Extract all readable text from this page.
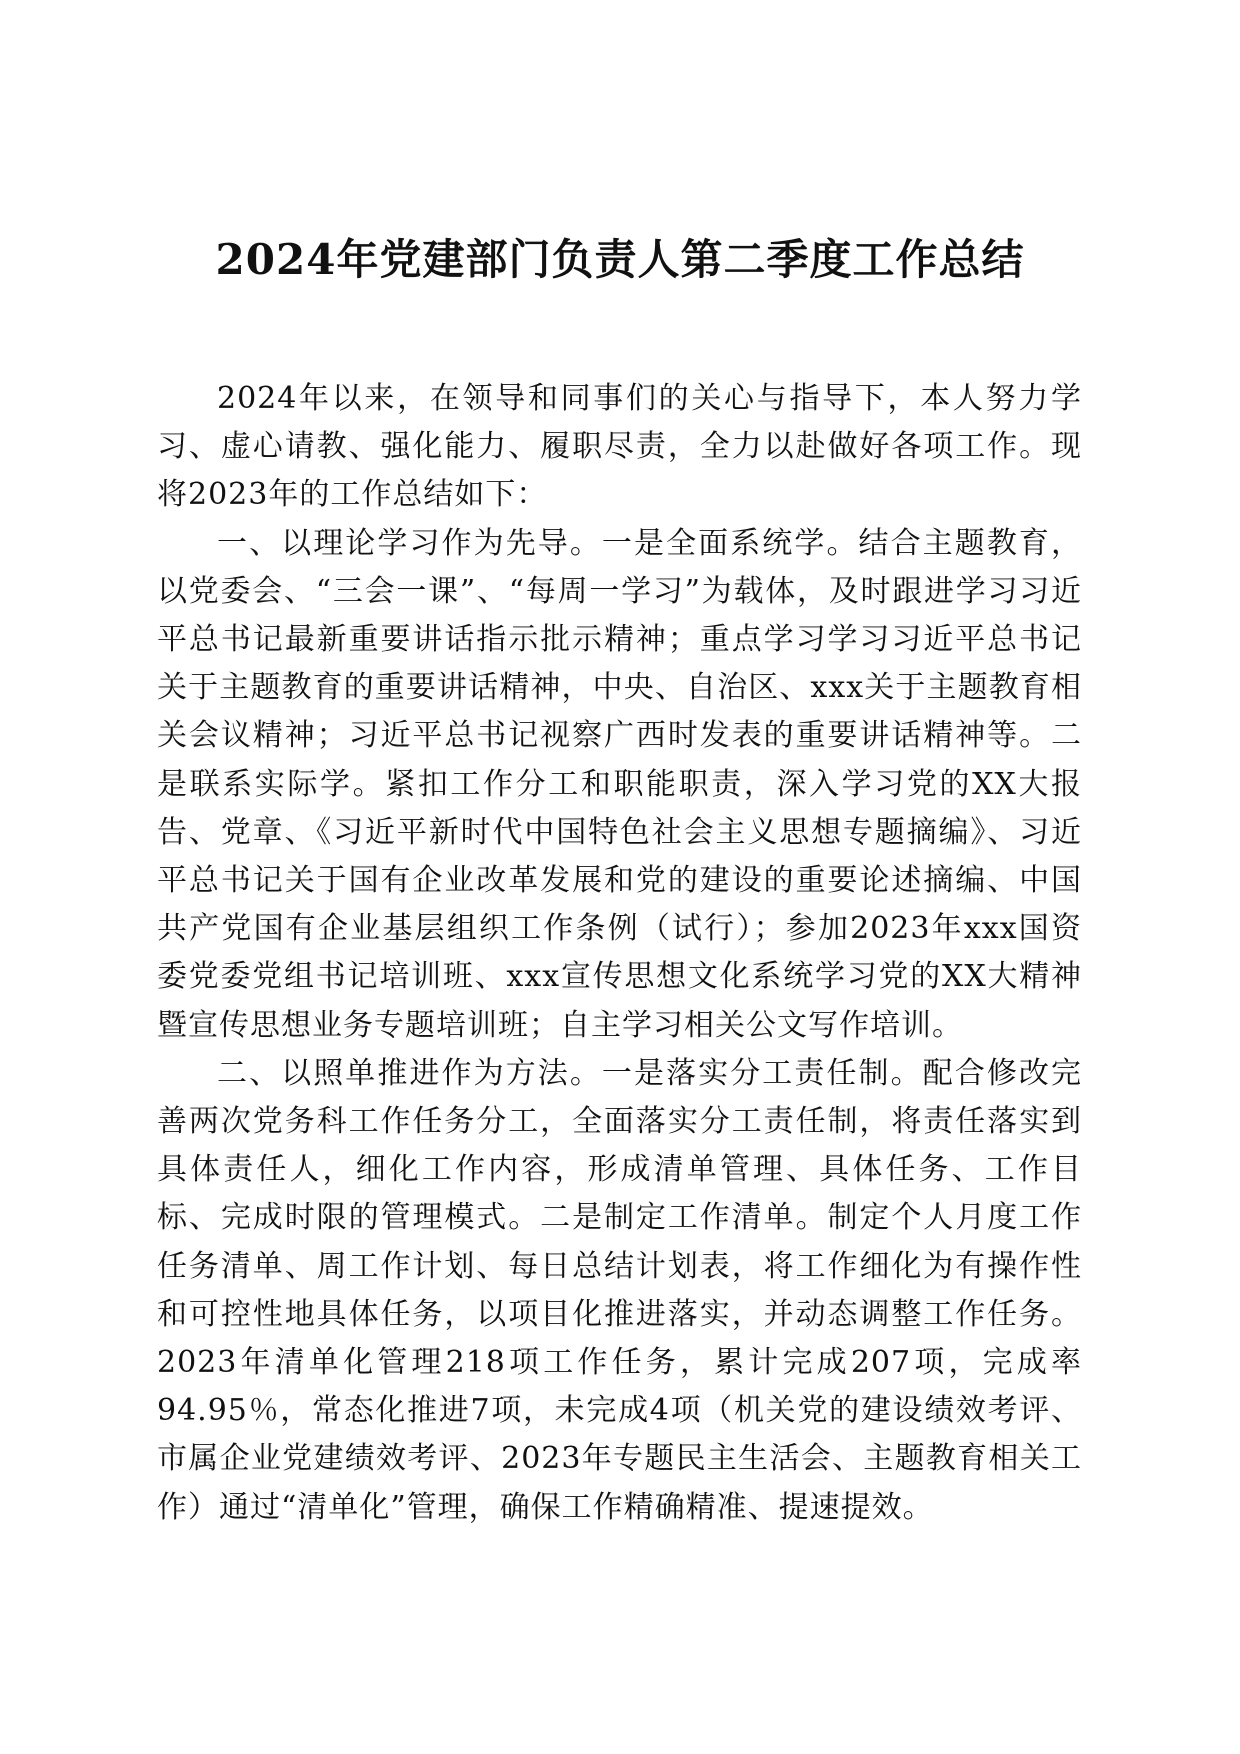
2024年党建部门负责人第二季度工作总结

2024年以来，在领导和同事们的关心与指导下，本人努力学习、虚心请教、强化能力、履职尽责，全力以赴做好各项工作。现将2023年的工作总结如下：

一、以理论学习作为先导。一是全面系统学。结合主题教育，以党委会、“三会一课”、“每周一学习”为载体，及时跟进学习习近平总书记最新重要讲话指示批示精神；重点学习学习习近平总书记关于主题教育的重要讲话精神，中央、自治区、xxx关于主题教育相关会议精神；习近平总书记视察广西时发表的重要讲话精神等。二是联系实际学。紧扣工作分工和职能职责，深入学习党的XX大报告、党章、《习近平新时代中国特色社会主义思想专题摘编》、习近平总书记关于国有企业改革发展和党的建设的重要论述摘编、中国共产党国有企业基层组织工作条例（试行）；参加2023年xxx国资委党委党组书记培训班、xxx宣传思想文化系统学习党的XX大精神暨宣传思想业务专题培训班；自主学习相关公文写作培训。

二、以照单推进作为方法。一是落实分工责任制。配合修改完善两次党务科工作任务分工，全面落实分工责任制，将责任落实到具体责任人，细化工作内容，形成清单管理、具体任务、工作目标、完成时限的管理模式。二是制定工作清单。制定个人月度工作任务清单、周工作计划、每日总结计划表，将工作细化为有操作性和可控性地具体任务，以项目化推进落实，并动态调整工作任务。2023年清单化管理218项工作任务，累计完成207项，完成率94.95％，常态化推进7项，未完成4项（机关党的建设绩效考评、市属企业党建绩效考评、2023年专题民主生活会、主题教育相关工作）通过“清单化”管理，确保工作精确精准、提速提效。
